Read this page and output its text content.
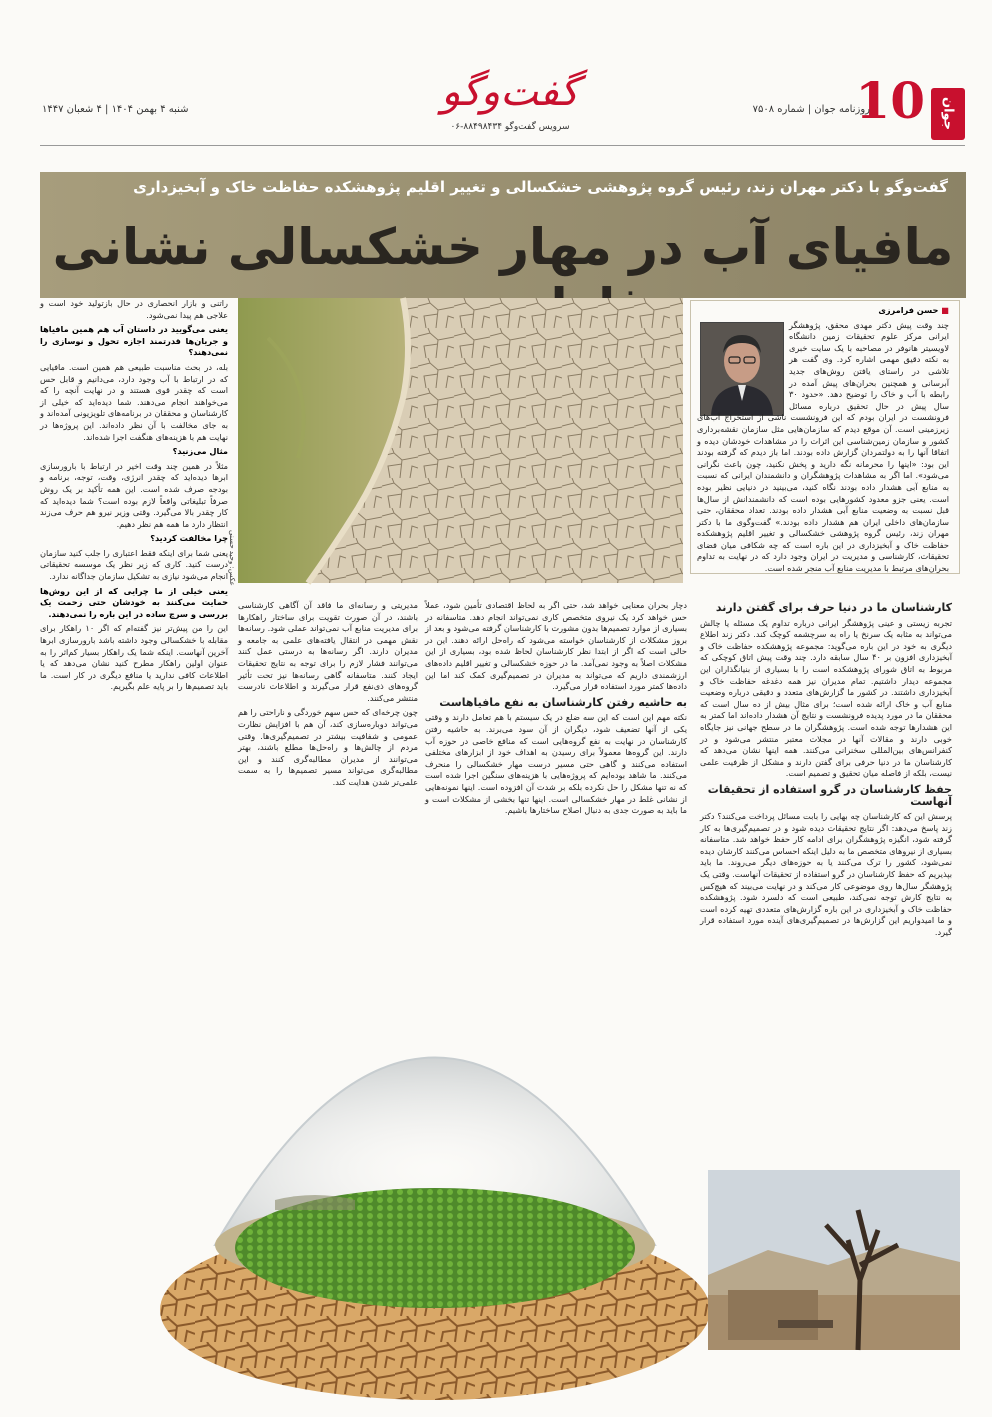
جوان
10
روزنامه جوان | شماره ۷۵۰۸
گفت‌وگو
سرویس گفت‌وگو ۸۸۴۹۸۴۳۴-۰۶
شنبه ۴ بهمن ۱۴۰۴ | ۴ شعبان ۱۴۴۷
گفت‌وگو با دکتر مهران زند، رئیس گروه پژوهشی خشکسالی و تغییر اقلیم پژوهشکده حفاظت خاک و آبخیزداری
مافیای آب در مهار خشکسالی نشانی

■ حسن فرامرزی

چند وقت پیش دکتر مهدی محقق، پژوهشگر ایرانی مرکز علوم تحقیقات زمین دانشگاه لاویسیتر هانوفر در مصاحبه با یک سایت خبری به نکته دقیق مهمی اشاره کرد. وی گفت هر تلاشی در راستای یافتن روش‌های جدید آبرسانی و همچنین بحران‌های پیش آمده در رابطه با آب و خاک را توضیح دهد. «حدود ۳۰ سال پیش در حال تحقیق درباره مسائل فرونشست در ایران بودم که این فرونشست ناشی از استخراج آب‌های زیرزمینی است. آن موقع دیدم که سازمان‌هایی مثل سازمان نقشه‌برداری کشور و سازمان زمین‌شناسی این اثرات را در مشاهدات خودشان دیده و اتفاقا آنها را به دولتمردان گزارش داده بودند. اما باز دیدم که گرفته بودند این بود: «اینها را محرمانه نگه دارید و پخش نکنید، چون باعث نگرانی می‌شود». اما اگر به مشاهدات پژوهشگران و دانشمندان ایرانی که نسبت به منابع آبی هشدار داده بودند نگاه کنید، می‌بینید در دنیایی نظیر بوده است. یعنی جزو معدود کشورهایی بوده است که دانشمندانش از سال‌ها قبل نسبت به وضعیت منابع آبی هشدار داده بودند. تعداد محققان، حتی سازمان‌های داخلی ایران هم هشدار داده بودند.» گفت‌وگوی ما با دکتر مهران زند، رئیس گروه پژوهشی خشکسالی و تغییر اقلیم پژوهشکده حفاظت خاک و آبخیزداری در این باره است که چه شکافی میان فضای تحقیقات، کارشناسی و مدیریت در ایران وجود دارد که در نهایت به تداوم بحران‌های مرتبط با مدیریت منابع آب منجر شده است.

عکس: وحید حسنی
کارشناسان ما در دنیا حرف برای گفتن دارند

تجربه زیستی و عینی پژوهشگر ایرانی درباره تداوم یک مسئله یا چالش می‌تواند به مثابه یک سرنخ یا راه به سرچشمه کوچک کند. دکتر زند اطلاع دیگری به خود در این باره می‌گوید: مجموعه پژوهشکده حفاظت خاک و آبخیزداری افزون بر ۴۰ سال سابقه دارد. چند وقت پیش اتاق کوچکی که مربوط به اتاق شورای پژوهشکده است را با بسیاری از بنیانگذاران این مجموعه دیدار داشتیم. تمام مدیران نیز همه دغدغه حفاظت خاک و آبخیزداری داشتند. در کشور ما گزارش‌های متعدد و دقیقی درباره وضعیت منابع آب و خاک ارائه شده است؛ برای مثال بیش از ده سال است که محققان ما در مورد پدیده فرونشست و نتایج آن هشدار داده‌اند اما کمتر به این هشدارها توجه شده است. پژوهشگران ما در سطح جهانی نیز جایگاه خوبی دارند و مقالات آنها در مجلات معتبر منتشر می‌شود و در کنفرانس‌های بین‌المللی سخنرانی می‌کنند. همه اینها نشان می‌دهد که کارشناسان ما در دنیا حرفی برای گفتن دارند و مشکل از ظرفیت علمی نیست، بلکه از فاصله میان تحقیق و تصمیم است.

حفظ کارشناسان در گرو استفاده از تحقیقات آنهاست

پرسش این که کارشناسان چه بهایی را بابت مسائل پرداخت می‌کنند؟ دکتر زند پاسخ می‌دهد: اگر نتایج تحقیقات دیده شود و در تصمیم‌گیری‌ها به کار گرفته شود، انگیزه پژوهشگران برای ادامه کار حفظ خواهد شد. متاسفانه بسیاری از نیروهای متخصص ما به دلیل اینکه احساس می‌کنند کارشان دیده نمی‌شود، کشور را ترک می‌کنند یا به حوزه‌های دیگر می‌روند. ما باید بپذیریم که حفظ کارشناسان در گرو استفاده از تحقیقات آنهاست. وقتی یک پژوهشگر سال‌ها روی موضوعی کار می‌کند و در نهایت می‌بیند که هیچ‌کس به نتایج کارش توجه نمی‌کند، طبیعی است که دلسرد شود. پژوهشکده حفاظت خاک و آبخیزداری در این باره گزارش‌های متعددی تهیه کرده است و ما امیدواریم این گزارش‌ها در تصمیم‌گیری‌های آینده مورد استفاده قرار گیرد.

دچار بحران معنایی خواهد شد، حتی اگر به لحاظ اقتصادی تأمین شود، عملاً حس خواهد کرد یک نیروی متخصص کاری نمی‌تواند انجام دهد. متاسفانه در بسیاری از موارد تصمیم‌ها بدون مشورت با کارشناسان گرفته می‌شود و بعد از بروز مشکلات از کارشناسان خواسته می‌شود که راه‌حل ارائه دهند. این در حالی است که اگر از ابتدا نظر کارشناسان لحاظ شده بود، بسیاری از این مشکلات اصلاً به وجود نمی‌آمد. ما در حوزه خشکسالی و تغییر اقلیم داده‌های ارزشمندی داریم که می‌تواند به مدیران در تصمیم‌گیری کمک کند اما این داده‌ها کمتر مورد استفاده قرار می‌گیرد.

به حاشیه رفتن کارشناسان به نفع مافیاهاست

نکته مهم این است که این سه ضلع در یک سیستم با هم تعامل دارند و وقتی یکی از آنها تضعیف شود، دیگران از آن سود می‌برند. به حاشیه رفتن کارشناسان در نهایت به نفع گروه‌هایی است که منافع خاصی در حوزه آب دارند. این گروه‌ها معمولاً برای رسیدن به اهداف خود از ابزارهای مختلفی استفاده می‌کنند و گاهی حتی مسیر درست مهار خشکسالی را منحرف می‌کنند. ما شاهد بوده‌ایم که پروژه‌هایی با هزینه‌های سنگین اجرا شده است که نه تنها مشکل را حل نکرده بلکه بر شدت آن افزوده است. اینها نمونه‌هایی از نشانی غلط در مهار خشکسالی است. اینها تنها بخشی از مشکلات است و ما باید به صورت جدی به دنبال اصلاح ساختارها باشیم.

مدیریتی و رسانه‌ای ما فاقد آن آگاهی کارشناسی باشند، در آن صورت تقویت برای ساختار راهکارها برای مدیریت منابع آب نمی‌تواند عملی شود. رسانه‌ها نقش مهمی در انتقال یافته‌های علمی به جامعه و مدیران دارند. اگر رسانه‌ها به درستی عمل کنند می‌توانند فشار لازم را برای توجه به نتایج تحقیقات ایجاد کنند. متاسفانه گاهی رسانه‌ها نیز تحت تأثیر گروه‌های ذی‌نفع قرار می‌گیرند و اطلاعات نادرست منتشر می‌کنند.

چون چرخه‌ای که حس سهم خوردگی و ناراحتی را هم می‌تواند دوباره‌سازی کند، آن هم با افزایش نظارت عمومی و شفافیت بیشتر در تصمیم‌گیری‌ها. وقتی مردم از چالش‌ها و راه‌حل‌ها مطلع باشند، بهتر می‌توانند از مدیران مطالبه‌گری کنند و این مطالبه‌گری می‌تواند مسیر تصمیم‌ها را به سمت علمی‌تر شدن هدایت کند.

راتنی و بازار انحصاری در حال بازتولید خود است و علاجی هم پیدا نمی‌شود.

یعنی می‌گویید در داستان آب هم همین مافیاها و جریان‌ها قدرتمند اجازه تحول و نوسازی را نمی‌دهند؟

بله، در بحث مناسبت طبیعی هم همین است. مافیایی که در ارتباط با آب وجود دارد، می‌دانیم و قابل حس است که چقدر قوی هستند و در نهایت آنچه را که می‌خواهند انجام می‌دهند. شما دیده‌اید که خیلی از کارشناسان و محققان در برنامه‌های تلویزیونی آمده‌اند و به جای مخالفت با آن نظر داده‌اند. این پروژه‌ها در نهایت هم با هزینه‌های هنگفت اجرا شده‌اند.

مثال می‌زنید؟

مثلاً در همین چند وقت اخیر در ارتباط با بارورسازی ابرها دیده‌اید که چقدر انرژی، وقت، توجه، برنامه و بودجه صرف شده است. این همه تأکید بر یک روش صرفاً تبلیغاتی واقعاً لازم بوده است؟ شما دیده‌اید که کار چقدر بالا می‌گیرد. وقتی وزیر نیرو هم حرف می‌زند انتظار دارد ما همه هم نظر دهیم.

چرا مخالفت کردید؟

یعنی شما برای اینکه فقط اعتباری را جلب کنید سازمان درست کنید. کاری که زیر نظر یک موسسه تحقیقاتی انجام می‌شود نیازی به تشکیل سازمان جداگانه ندارد.

یعنی خیلی از ما چرایی که از این روش‌ها حمایت می‌کنند به خودشان حتی زحمت یک بررسی و سرچ ساده در این باره را نمی‌دهند.

این را من پیش‌تر نیز گفته‌ام که اگر ۱۰ راهکار برای مقابله با خشکسالی وجود داشته باشد بارورسازی ابرها آخرین آنهاست. اینکه شما یک راهکار بسیار کم‌اثر را به عنوان اولین راهکار مطرح کنید نشان می‌دهد که یا اطلاعات کافی ندارید یا منافع دیگری در کار است. ما باید تصمیم‌ها را بر پایه علم بگیریم.
